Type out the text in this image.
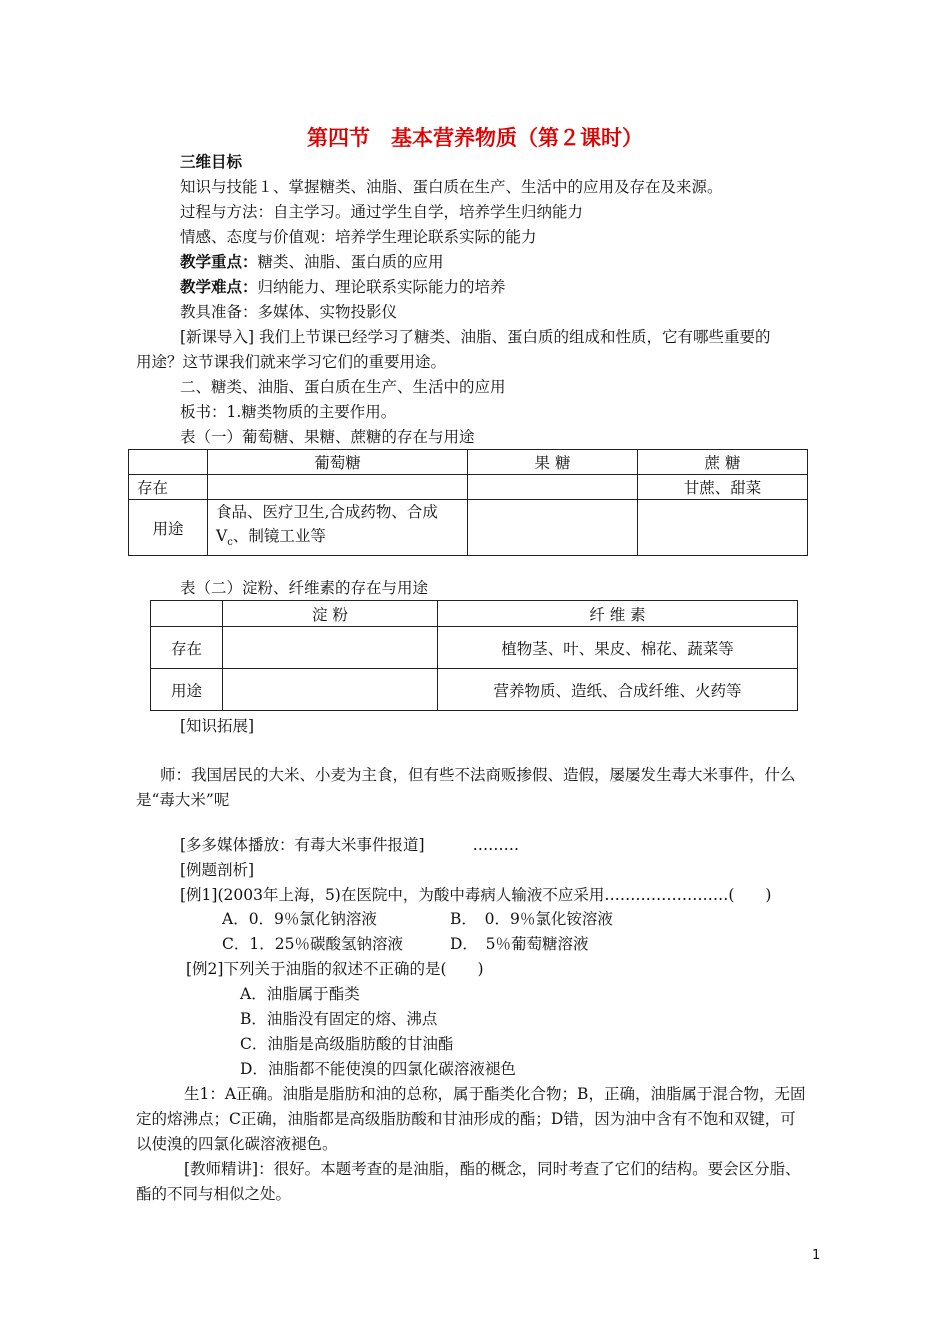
第四节　基本营养物质（第２课时）

三维目标

知识与技能１、掌握糖类、油脂、蛋白质在生产、生活中的应用及存在及来源。

过程与方法：自主学习。通过学生自学，培养学生归纳能力

情感、态度与价值观：培养学生理论联系实际的能力

教学重点：糖类、油脂、蛋白质的应用

教学难点：归纳能力、理论联系实际能力的培养

教具准备：多媒体、实物投影仪

[新课导入] 我们上节课已经学习了糖类、油脂、蛋白质的组成和性质，它有哪些重要的

用途？这节课我们就来学习它们的重要用途。

二、糖类、油脂、蛋白质在生产、生活中的应用

板书：1.糖类物质的主要作用。

表（一）葡萄糖、果糖、蔗糖的存在与用途

	葡萄糖	果 糖	蔗 糖
存在			甘蔗、甜菜
用途	食品、医疗卫生,合成药物、合成
$V_c$、制镜工业等		

表（二）淀粉、纤维素的存在与用途

	淀 粉	纤 维 素
存在		植物茎、叶、果皮、棉花、蔬菜等
用途		营养物质、造纸、合成纤维、火药等

[知识拓展]

师：我国居民的大米、小麦为主食，但有些不法商贩掺假、造假，屡屡发生毒大米事件，什么

是“毒大米”呢

[多多媒体播放：有毒大米事件报道]	………

[例题剖析]

[例1](2003年上海，5)在医院中，为酸中毒病人输液不应采用……………………(　　)

A．0．9％氯化钠溶液	B．　0．9％氯化铵溶液

C．1．25％碳酸氢钠溶液	D．　5％葡萄糖溶液

[例2]下列关于油脂的叙述不正确的是(　　)

A．油脂属于酯类

B．油脂没有固定的熔、沸点

C．油脂是高级脂肪酸的甘油酯

D．油脂都不能使溴的四氯化碳溶液褪色

生1：A正确。油脂是脂肪和油的总称，属于酯类化合物；B，正确，油脂属于混合物，无固

定的熔沸点；C正确，油脂都是高级脂肪酸和甘油形成的酯；D错，因为油中含有不饱和双键，可

以使溴的四氯化碳溶液褪色。

[教师精讲]：很好。本题考查的是油脂，酯的概念，同时考查了它们的结构。要会区分脂、

酯的不同与相似之处。

1
